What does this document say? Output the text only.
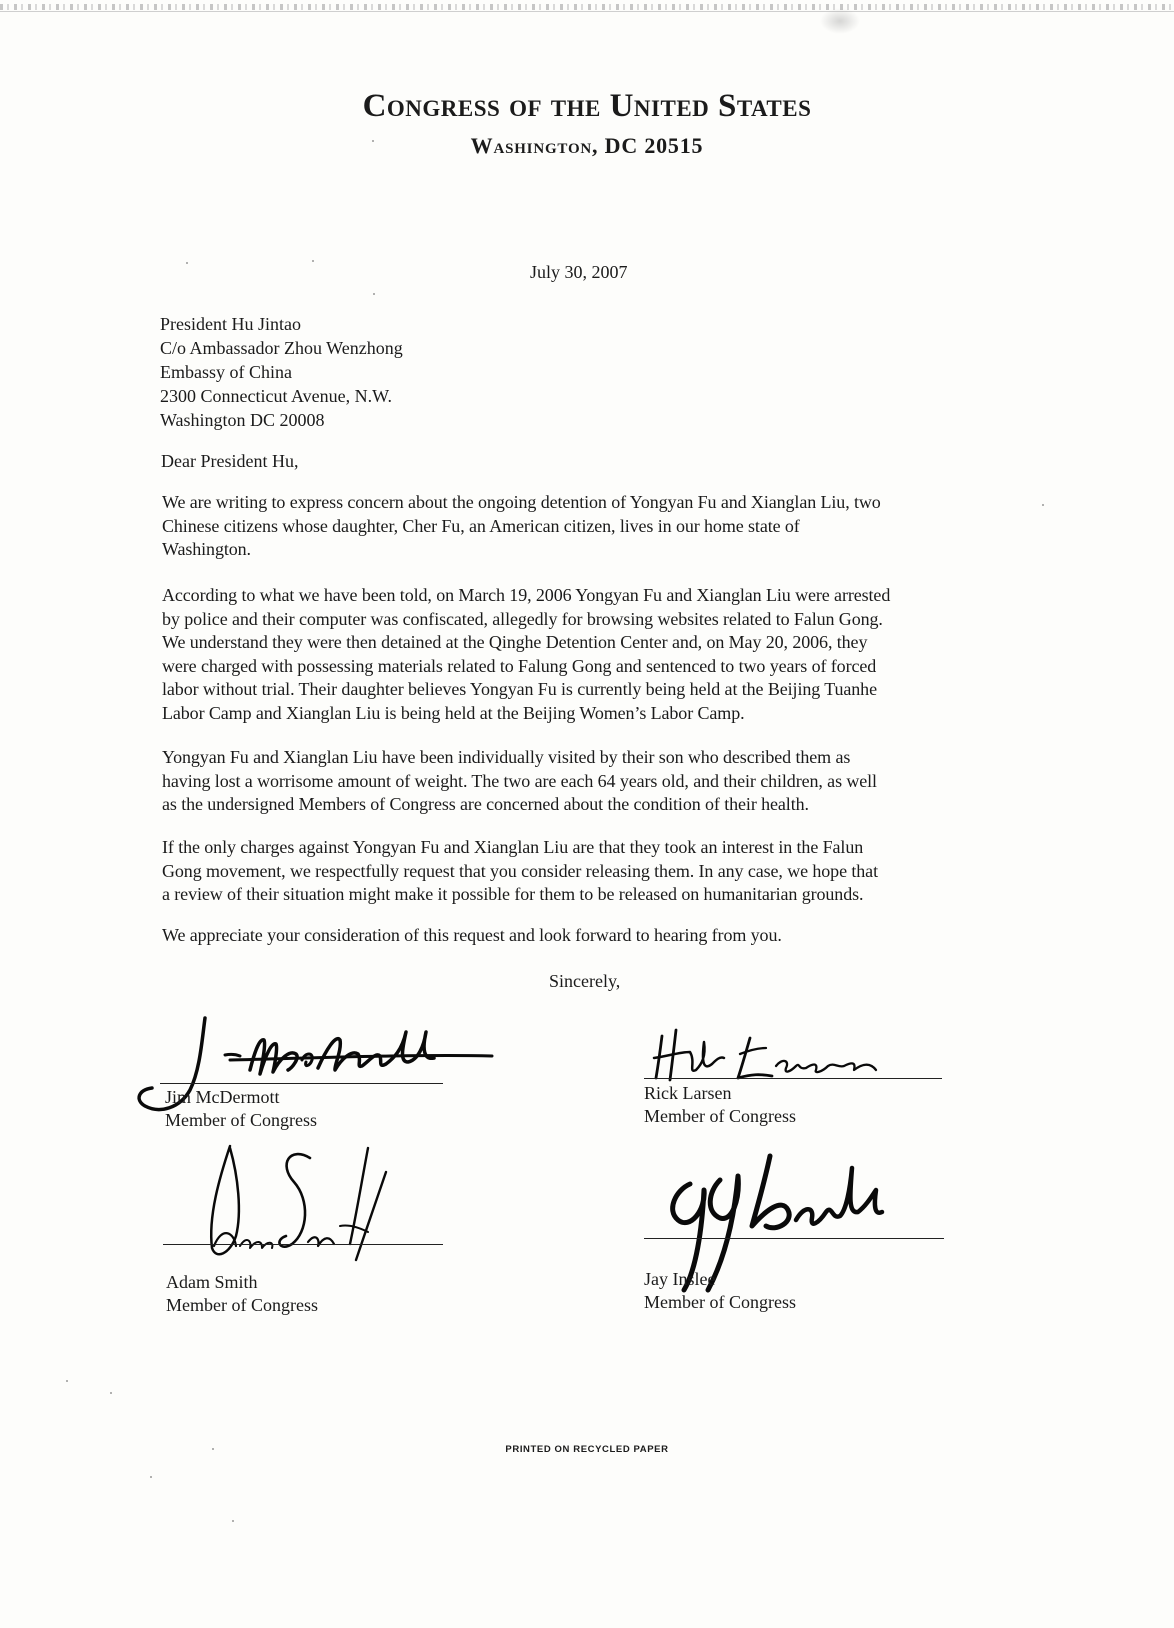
Congress of the United States
Washington, DC 20515
July 30, 2007
President Hu Jintao
C/o Ambassador Zhou Wenzhong
Embassy of China
2300 Connecticut Avenue, N.W.
Washington DC 20008
Dear President Hu,
We are writing to express concern about the ongoing detention of Yongyan Fu and Xianglan Liu, two
Chinese citizens whose daughter, Cher Fu, an American citizen, lives in our home state of
Washington.
According to what we have been told, on March 19, 2006 Yongyan Fu and Xianglan Liu were arrested
by police and their computer was confiscated, allegedly for browsing websites related to Falun Gong.
We understand they were then detained at the Qinghe Detention Center and, on May 20, 2006, they
were charged with possessing materials related to Falung Gong and sentenced to two years of forced
labor without trial. Their daughter believes Yongyan Fu is currently being held at the Beijing Tuanhe
Labor Camp and Xianglan Liu is being held at the Beijing Women’s Labor Camp.
Yongyan Fu and Xianglan Liu have been individually visited by their son who described them as
having lost a worrisome amount of weight. The two are each 64 years old, and their children, as well
as the undersigned Members of Congress are concerned about the condition of their health.
If the only charges against Yongyan Fu and Xianglan Liu are that they took an interest in the Falun
Gong movement, we respectfully request that you consider releasing them. In any case, we hope that
a review of their situation might make it possible for them to be released on humanitarian grounds.
We appreciate your consideration of this request and look forward to hearing from you.
Sincerely,
Jim McDermott
Member of Congress
Rick Larsen
Member of Congress
Adam Smith
Member of Congress
Jay Inslee
Member of Congress
PRINTED ON RECYCLED PAPER
